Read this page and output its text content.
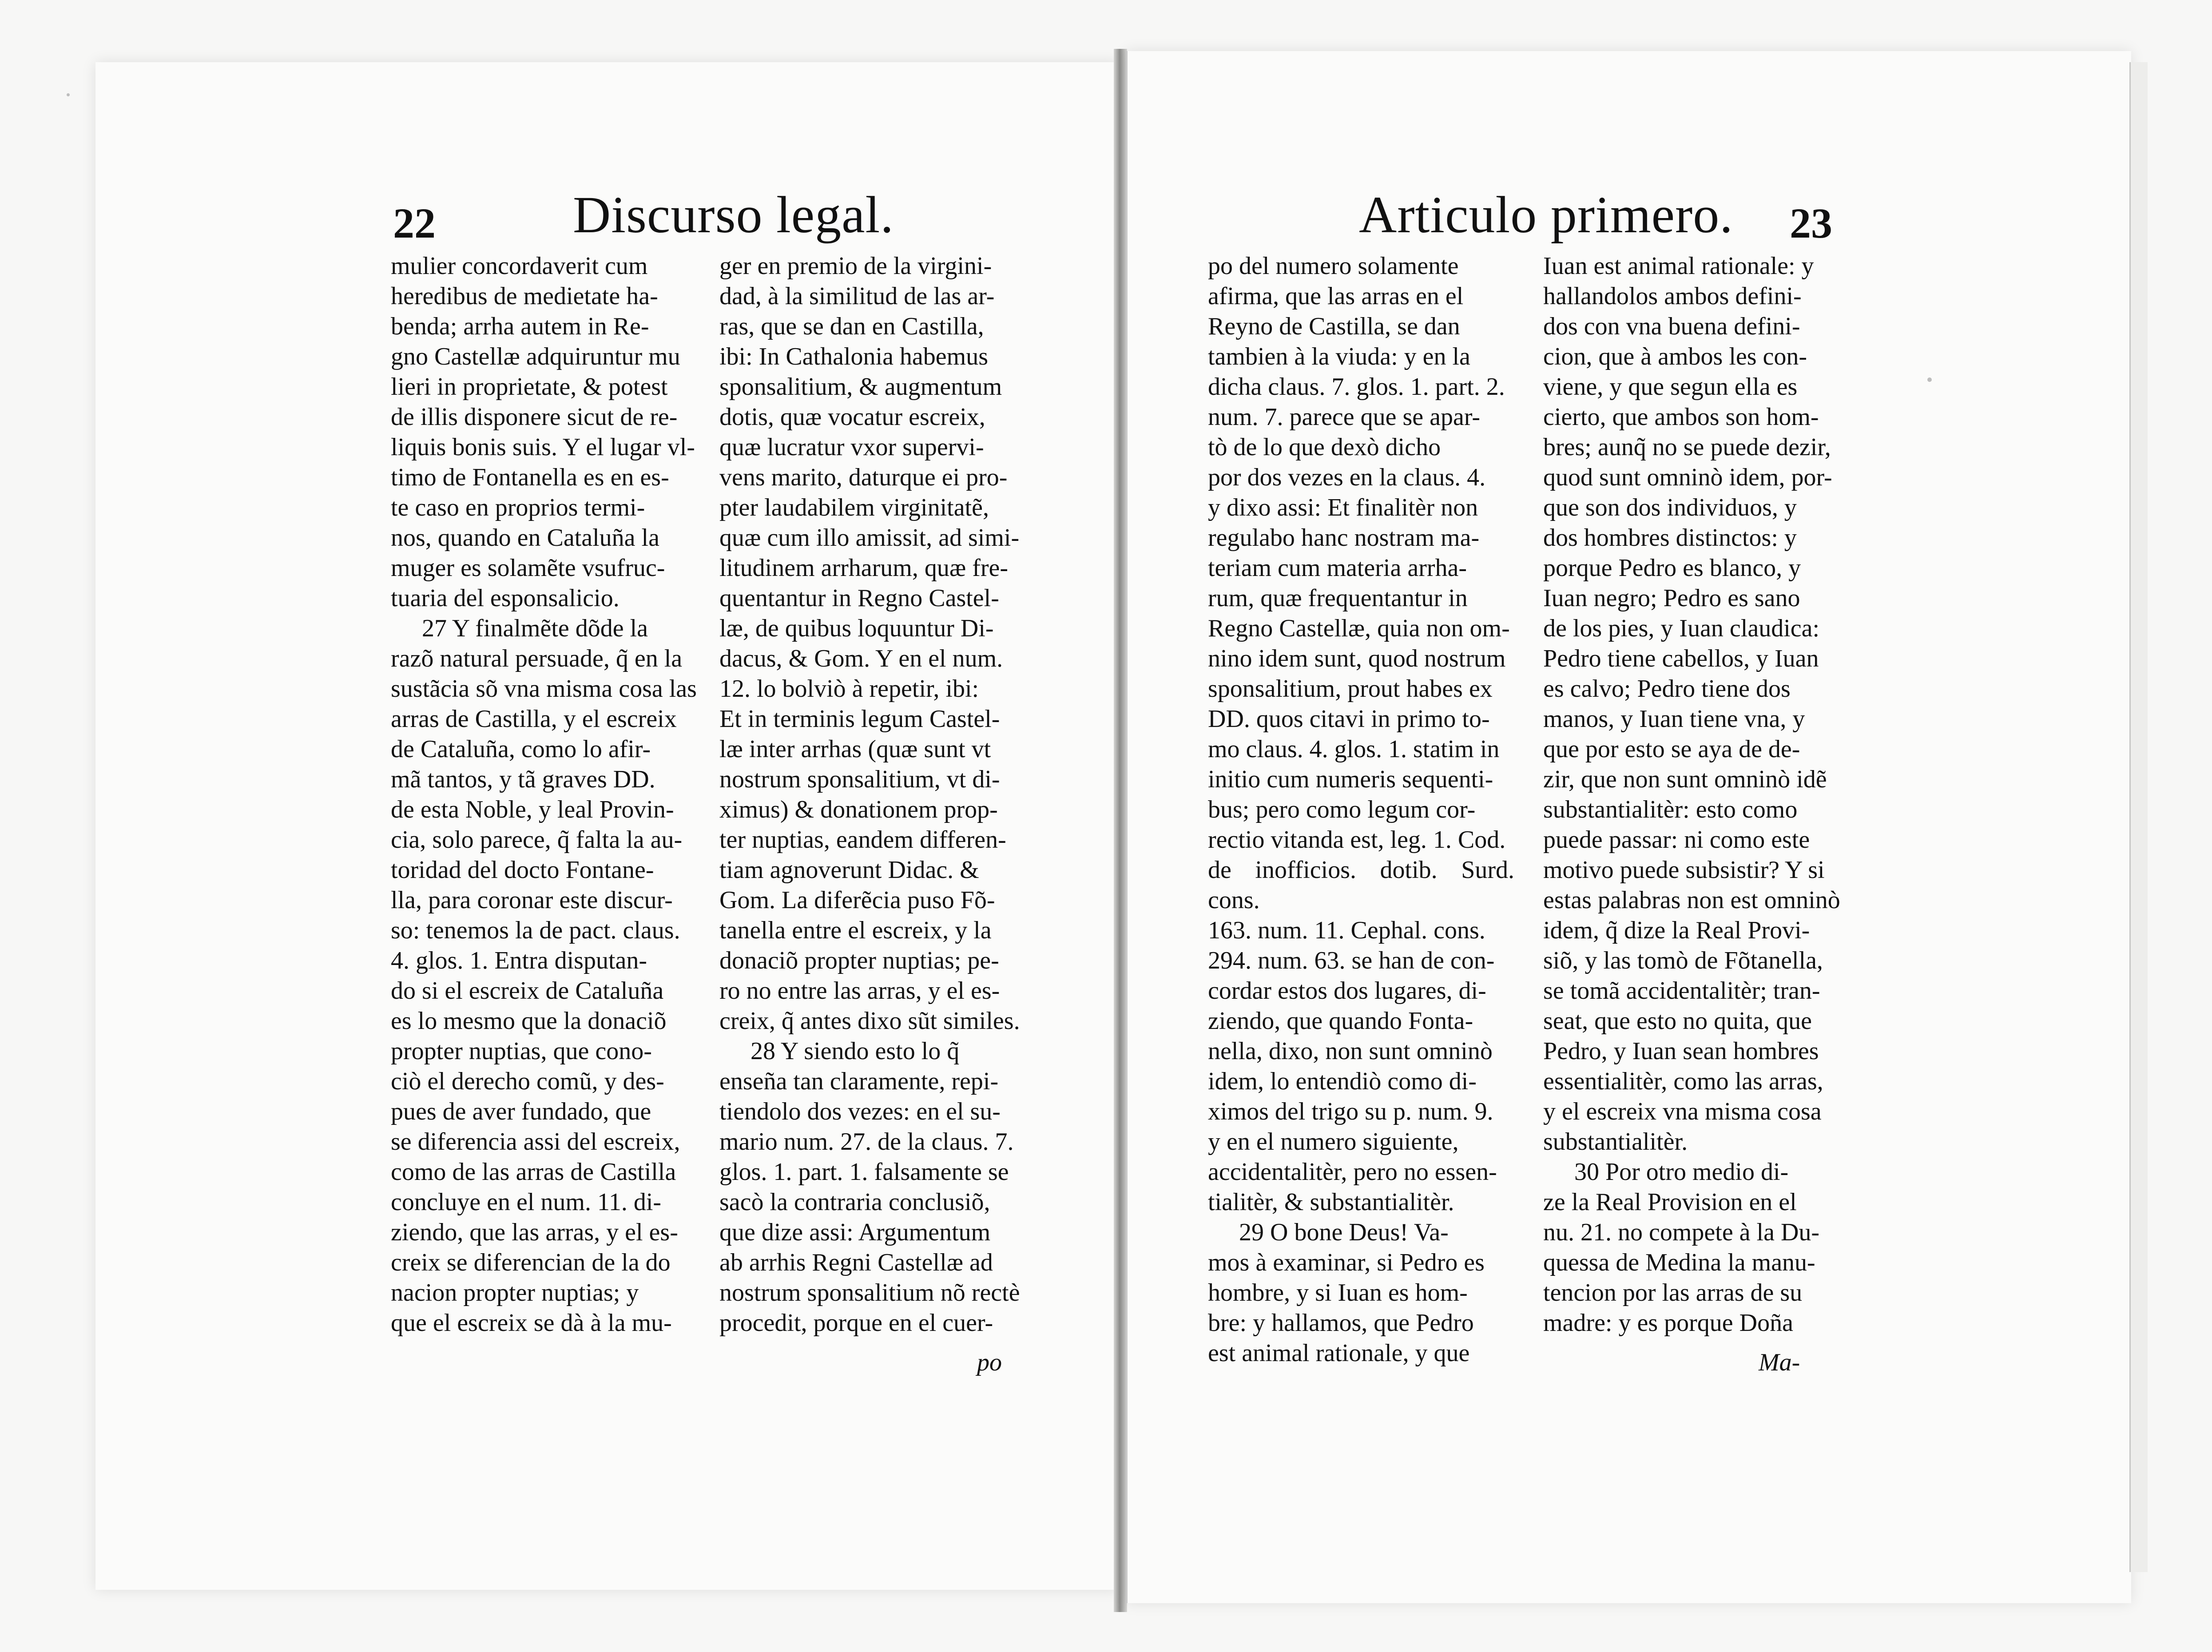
22	Discurso legal.

mulier concordaverit cum
heredibus de medietate ha-
benda; arrha autem in Re-
gno Castellæ adquiruntur mu
lieri in proprietate, & potest
de illis disponere sicut de re-
liquis bonis suis. Y el lugar vl-
timo de Fontanella es en es-
te caso en proprios termi-
nos, quando en Cataluña la
muger es solamẽte vsufruc-
tuaria del esponsalicio.

27 Y finalmẽte dõde la
razõ natural persuade, q̃ en la
sustãcia sõ vna misma cosa las
arras de Castilla, y el escreix
de Cataluña, como lo afir-
mã tantos, y tã graves DD.
de esta Noble, y leal Provin-
cia, solo parece, q̃ falta la au-
toridad del docto Fontane-
lla, para coronar este discur-
so: tenemos la de pact. claus.
4. glos. 1. Entra disputan-
do si el escreix de Cataluña
es lo mesmo que la donaciõ
propter nuptias, que cono-
ciò el derecho comũ, y des-
pues de aver fundado, que
se diferencia assi del escreix,
como de las arras de Castilla
concluye en el num. 11. di-
ziendo, que las arras, y el es-
creix se diferencian de la do
nacion propter nuptias; y
que el escreix se dà à la mu-

ger en premio de la virgini-
dad, à la similitud de las ar-
ras, que se dan en Castilla,
ibi: In Cathalonia habemus
sponsalitium, & augmentum
dotis, quæ vocatur escreix,
quæ lucratur vxor supervi-
vens marito, daturque ei pro-
pter laudabilem virginitatẽ,
quæ cum illo amissit, ad simi-
litudinem arrharum, quæ fre-
quentantur in Regno Castel-
læ, de quibus loquuntur Di-
dacus, & Gom. Y en el num.
12. lo bolviò à repetir, ibi:
Et in terminis legum Castel-
læ inter arrhas (quæ sunt vt
nostrum sponsalitium, vt di-
ximus) & donationem prop-
ter nuptias, eandem differen-
tiam agnoverunt Didac. &
Gom. La diferẽcia puso Fõ-
tanella entre el escreix, y la
donaciõ propter nuptias; pe-
ro no entre las arras, y el es-
creix, q̃ antes dixo sũt similes.

28 Y siendo esto lo q̃
enseña tan claramente, repi-
tiendolo dos vezes: en el su-
mario num. 27. de la claus. 7.
glos. 1. part. 1. falsamente se
sacò la contraria conclusiõ,
que dize assi: Argumentum
ab arrhis Regni Castellæ ad
nostrum sponsalitium nõ rectè
procedit, porque en el cuer-

po
Articulo primero. 23

po del numero solamente
afirma, que las arras en el
Reyno de Castilla, se dan
tambien à la viuda: y en la
dicha claus. 7. glos. 1. part. 2.
num. 7. parece que se apar-
tò de lo que dexò dicho
por dos vezes en la claus. 4.
y dixo assi: Et finalitèr non
regulabo hanc nostram ma-
teriam cum materia arrha-
rum, quæ frequentantur in
Regno Castellæ, quia non om-
nino idem sunt, quod nostrum
sponsalitium, prout habes ex
DD. quos citavi in primo to-
mo claus. 4. glos. 1. statim in
initio cum numeris sequenti-
bus; pero como legum cor-
rectio vitanda est, leg. 1. Cod.
de inofficios. dotib. Surd. cons.
163. num. 11. Cephal. cons.
294. num. 63. se han de con-
cordar estos dos lugares, di-
ziendo, que quando Fonta-
nella, dixo, non sunt omninò
idem, lo entendiò como di-
ximos del trigo su p. num. 9.
y en el numero siguiente,
accidentalitèr, pero no essen-
tialitèr, & substantialitèr.

29 O bone Deus! Va-
mos à examinar, si Pedro es
hombre, y si Iuan es hom-
bre: y hallamos, que Pedro
est animal rationale, y que

Iuan est animal rationale: y
hallandolos ambos defini-
dos con vna buena defini-
cion, que à ambos les con-
viene, y que segun ella es
cierto, que ambos son hom-
bres; aunq̃ no se puede dezir,
quod sunt omninò idem, por-
que son dos individuos, y
dos hombres distinctos: y
porque Pedro es blanco, y
Iuan negro; Pedro es sano
de los pies, y Iuan claudica:
Pedro tiene cabellos, y Iuan
es calvo; Pedro tiene dos
manos, y Iuan tiene vna, y
que por esto se aya de de-
zir, que non sunt omninò idẽ
substantialitèr: esto como
puede passar: ni como este
motivo puede subsistir? Y si
estas palabras non est omninò
idem, q̃ dize la Real Provi-
siõ, y las tomò de Fõtanella,
se tomã accidentalitèr; tran-
seat, que esto no quita, que
Pedro, y Iuan sean hombres
essentialitèr, como las arras,
y el escreix vna misma cosa
substantialitèr.

30 Por otro medio di-
ze la Real Provision en el
nu. 21. no compete à la Du-
quessa de Medina la manu-
tencion por las arras de su
madre: y es porque Doña

Ma-
